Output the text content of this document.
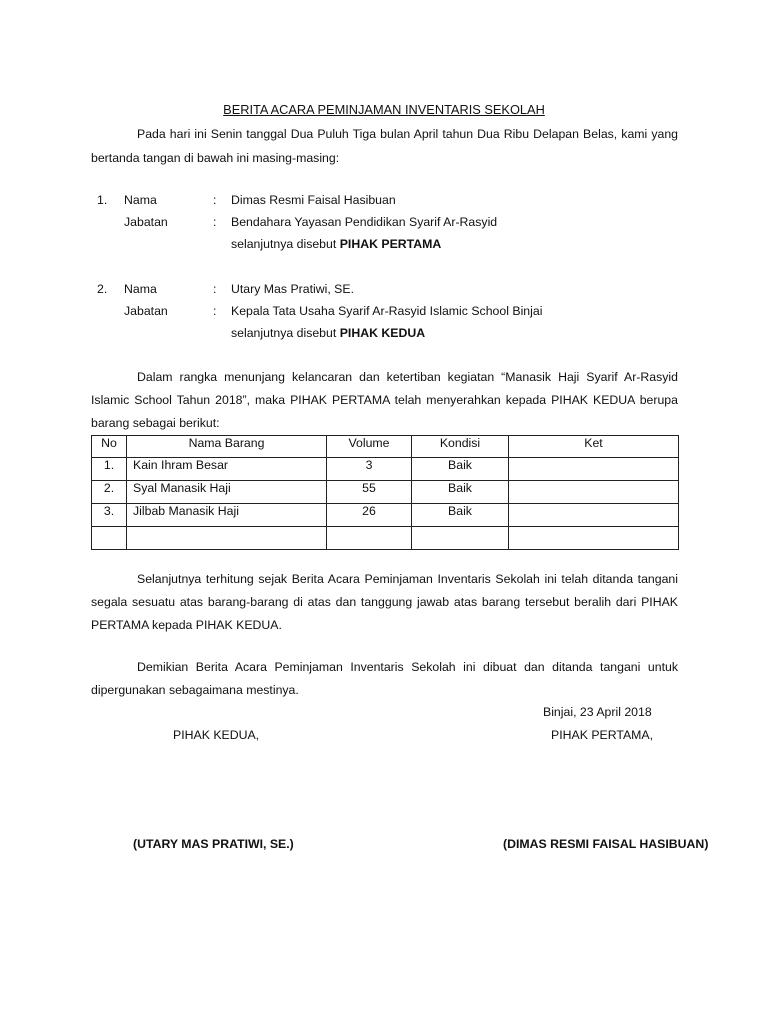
BERITA ACARA PEMINJAMAN INVENTARIS SEKOLAH
Pada hari ini Senin tanggal Dua Puluh Tiga bulan April tahun Dua Ribu Delapan Belas, kami yang
bertanda tangan di bawah ini masing-masing:
1. Nama	: Dimas Resmi Faisal Hasibuan
Jabatan	: Bendahara Yayasan Pendidikan Syarif Ar-Rasyid
selanjutnya disebut PIHAK PERTAMA
2. Nama	: Utary Mas Pratiwi, SE.
Jabatan	: Kepala Tata Usaha Syarif Ar-Rasyid Islamic School Binjai
selanjutnya disebut PIHAK KEDUA
Dalam rangka menunjang kelancaran dan ketertiban kegiatan “Manasik Haji Syarif Ar-Rasyid
Islamic School Tahun 2018”, maka PIHAK PERTAMA telah menyerahkan kepada PIHAK KEDUA berupa
barang sebagai berikut:
No	Nama Barang	Volume	Kondisi	Ket
1.	Kain Ihram Besar	3	Baik	
2.	Syal Manasik Haji	55	Baik	
3.	Jilbab Manasik Haji	26	Baik	

Selanjutnya terhitung sejak Berita Acara Peminjaman Inventaris Sekolah ini telah ditanda tangani
segala sesuatu atas barang-barang di atas dan tanggung jawab atas barang tersebut beralih dari PIHAK
PERTAMA kepada PIHAK KEDUA.
Demikian Berita Acara Peminjaman Inventaris Sekolah ini dibuat dan ditanda tangani untuk
dipergunakan sebagaimana mestinya.
Binjai, 23 April 2018
PIHAK KEDUA,	PIHAK PERTAMA,
(UTARY MAS PRATIWI, SE.)	(DIMAS RESMI FAISAL HASIBUAN)
